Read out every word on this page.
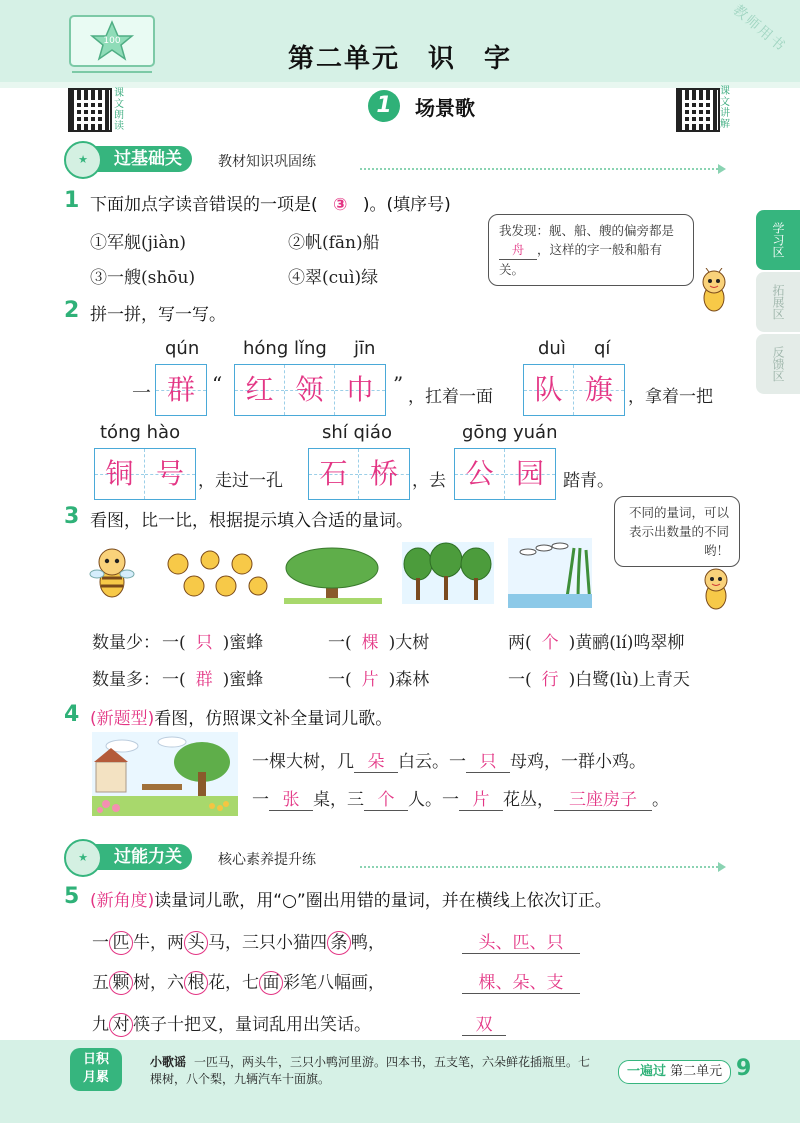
100
第二单元　识　字
教师用书
课文朗读
课文讲解
1	场景歌
学习区
拓展区
反馈区
过基础关
★	教材知识巩固练
1 下面加点字读音错误的一项是( ③ )。(填序号)
①军舰(jiàn)	②帆(fān)船
③一艘(shōu)	④翠(cuì)绿
我发现：舰、船、艘的偏旁都是舟 ，这样的字一般和船有关。
2 拼一拼，写一写。
qún hóng lǐng jīn	duì qí
一 群 “ 红 领 巾 ”
，扛着一面	队 旗 ，拿着一把
tóng hào	shí qiáo	gōng yuán
铜 号 ，走过一孔	石 桥 ，去 公 园	踏青。
3 看图，比一比，根据提示填入合适的量词。	不同的量词，可以表示出数量的不同哟！
数量少： 一( 只 )蜜蜂	一( 棵 )大树	两( 个 )黄鹂(lí)鸣翠柳
数量多： 一( 群 )蜜蜂	一( 片 )森林	一( 行 )白鹭(lù)上青天
4 (新题型)看图，仿照课文补全量词儿歌。
一棵大树，几 朵 白云。一 只 母鸡，一群小鸡。
一 张 桌，三 个 人。一 片 花丛， 三座房子 。
过能力关
★	核心素养提升练
5 (新角度)读量词儿歌，用“○”圈出用错的量词，并在横线上依次订正。
一 匹 牛，两 头 马，三只小猫四 条 鸭，	头、匹、只
五 颗 树，六 根 花，七 面 彩笔八幅画，	棵、朵、支
九 对 筷子十把叉，量词乱用出笑话。	双
日积
月累
小歌谣 一匹马，两头牛，三只小鸭河里游。四本书，五支笔，六朵鲜花插瓶里。七棵树，八个梨，九辆汽车十面旗。	一遍过 第二单元 9
